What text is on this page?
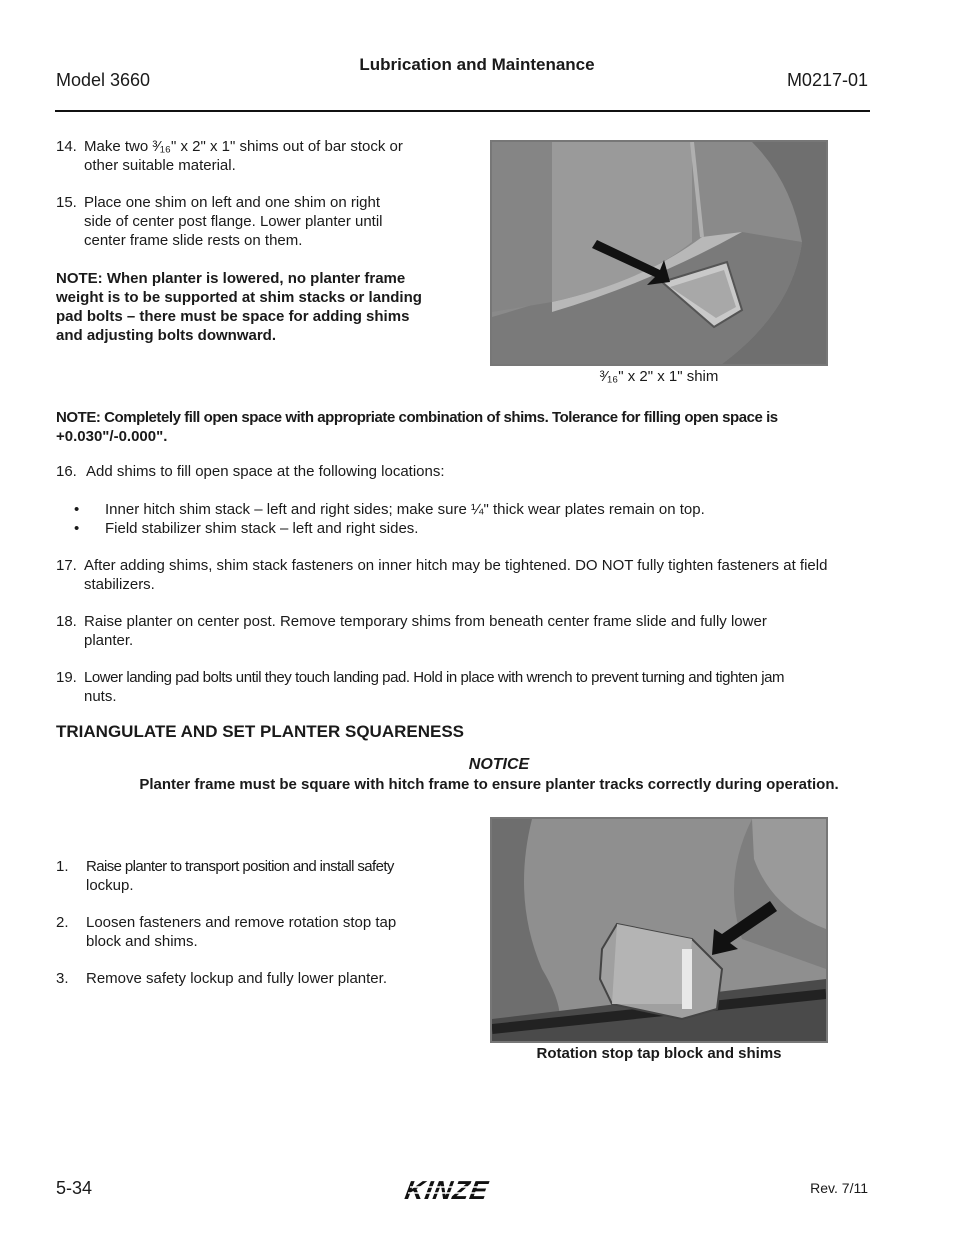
Lubrication and Maintenance
Model 3660	M0217-01
14. Make two ³⁄₁₆" x 2" x 1" shims out of bar stock or
other suitable material.
15. Place one shim on left and one shim on right
side of center post flange. Lower planter until
center frame slide rests on them.
NOTE: When planter is lowered, no planter frame
weight is to be supported at shim stacks or landing
pad bolts – there must be space for adding shims
and adjusting bolts downward.
³⁄₁₆" x 2" x 1" shim
NOTE: Completely fill open space with appropriate combination of shims. Tolerance for filling open space is
+0.030"/-0.000".
16. Add shims to fill open space at the following locations:
• Inner hitch shim stack – left and right sides; make sure ¼" thick wear plates remain on top.
• Field stabilizer shim stack – left and right sides.
17. After adding shims, shim stack fasteners on inner hitch may be tightened. DO NOT fully tighten fasteners at field
stabilizers.
18. Raise planter on center post. Remove temporary shims from beneath center frame slide and fully lower
planter.
19. Lower landing pad bolts until they touch landing pad. Hold in place with wrench to prevent turning and tighten jam
nuts.
TRIANGULATE AND SET PLANTER SQUARENESS
NOTICE
Planter frame must be square with hitch frame to ensure planter tracks correctly during operation.
1. Raise planter to transport position and install safety
lockup.
2. Loosen fasteners and remove rotation stop tap
block and shims.
3. Remove safety lockup and fully lower planter.
Rotation stop tap block and shims
5-34	KINZE	Rev. 7/11
